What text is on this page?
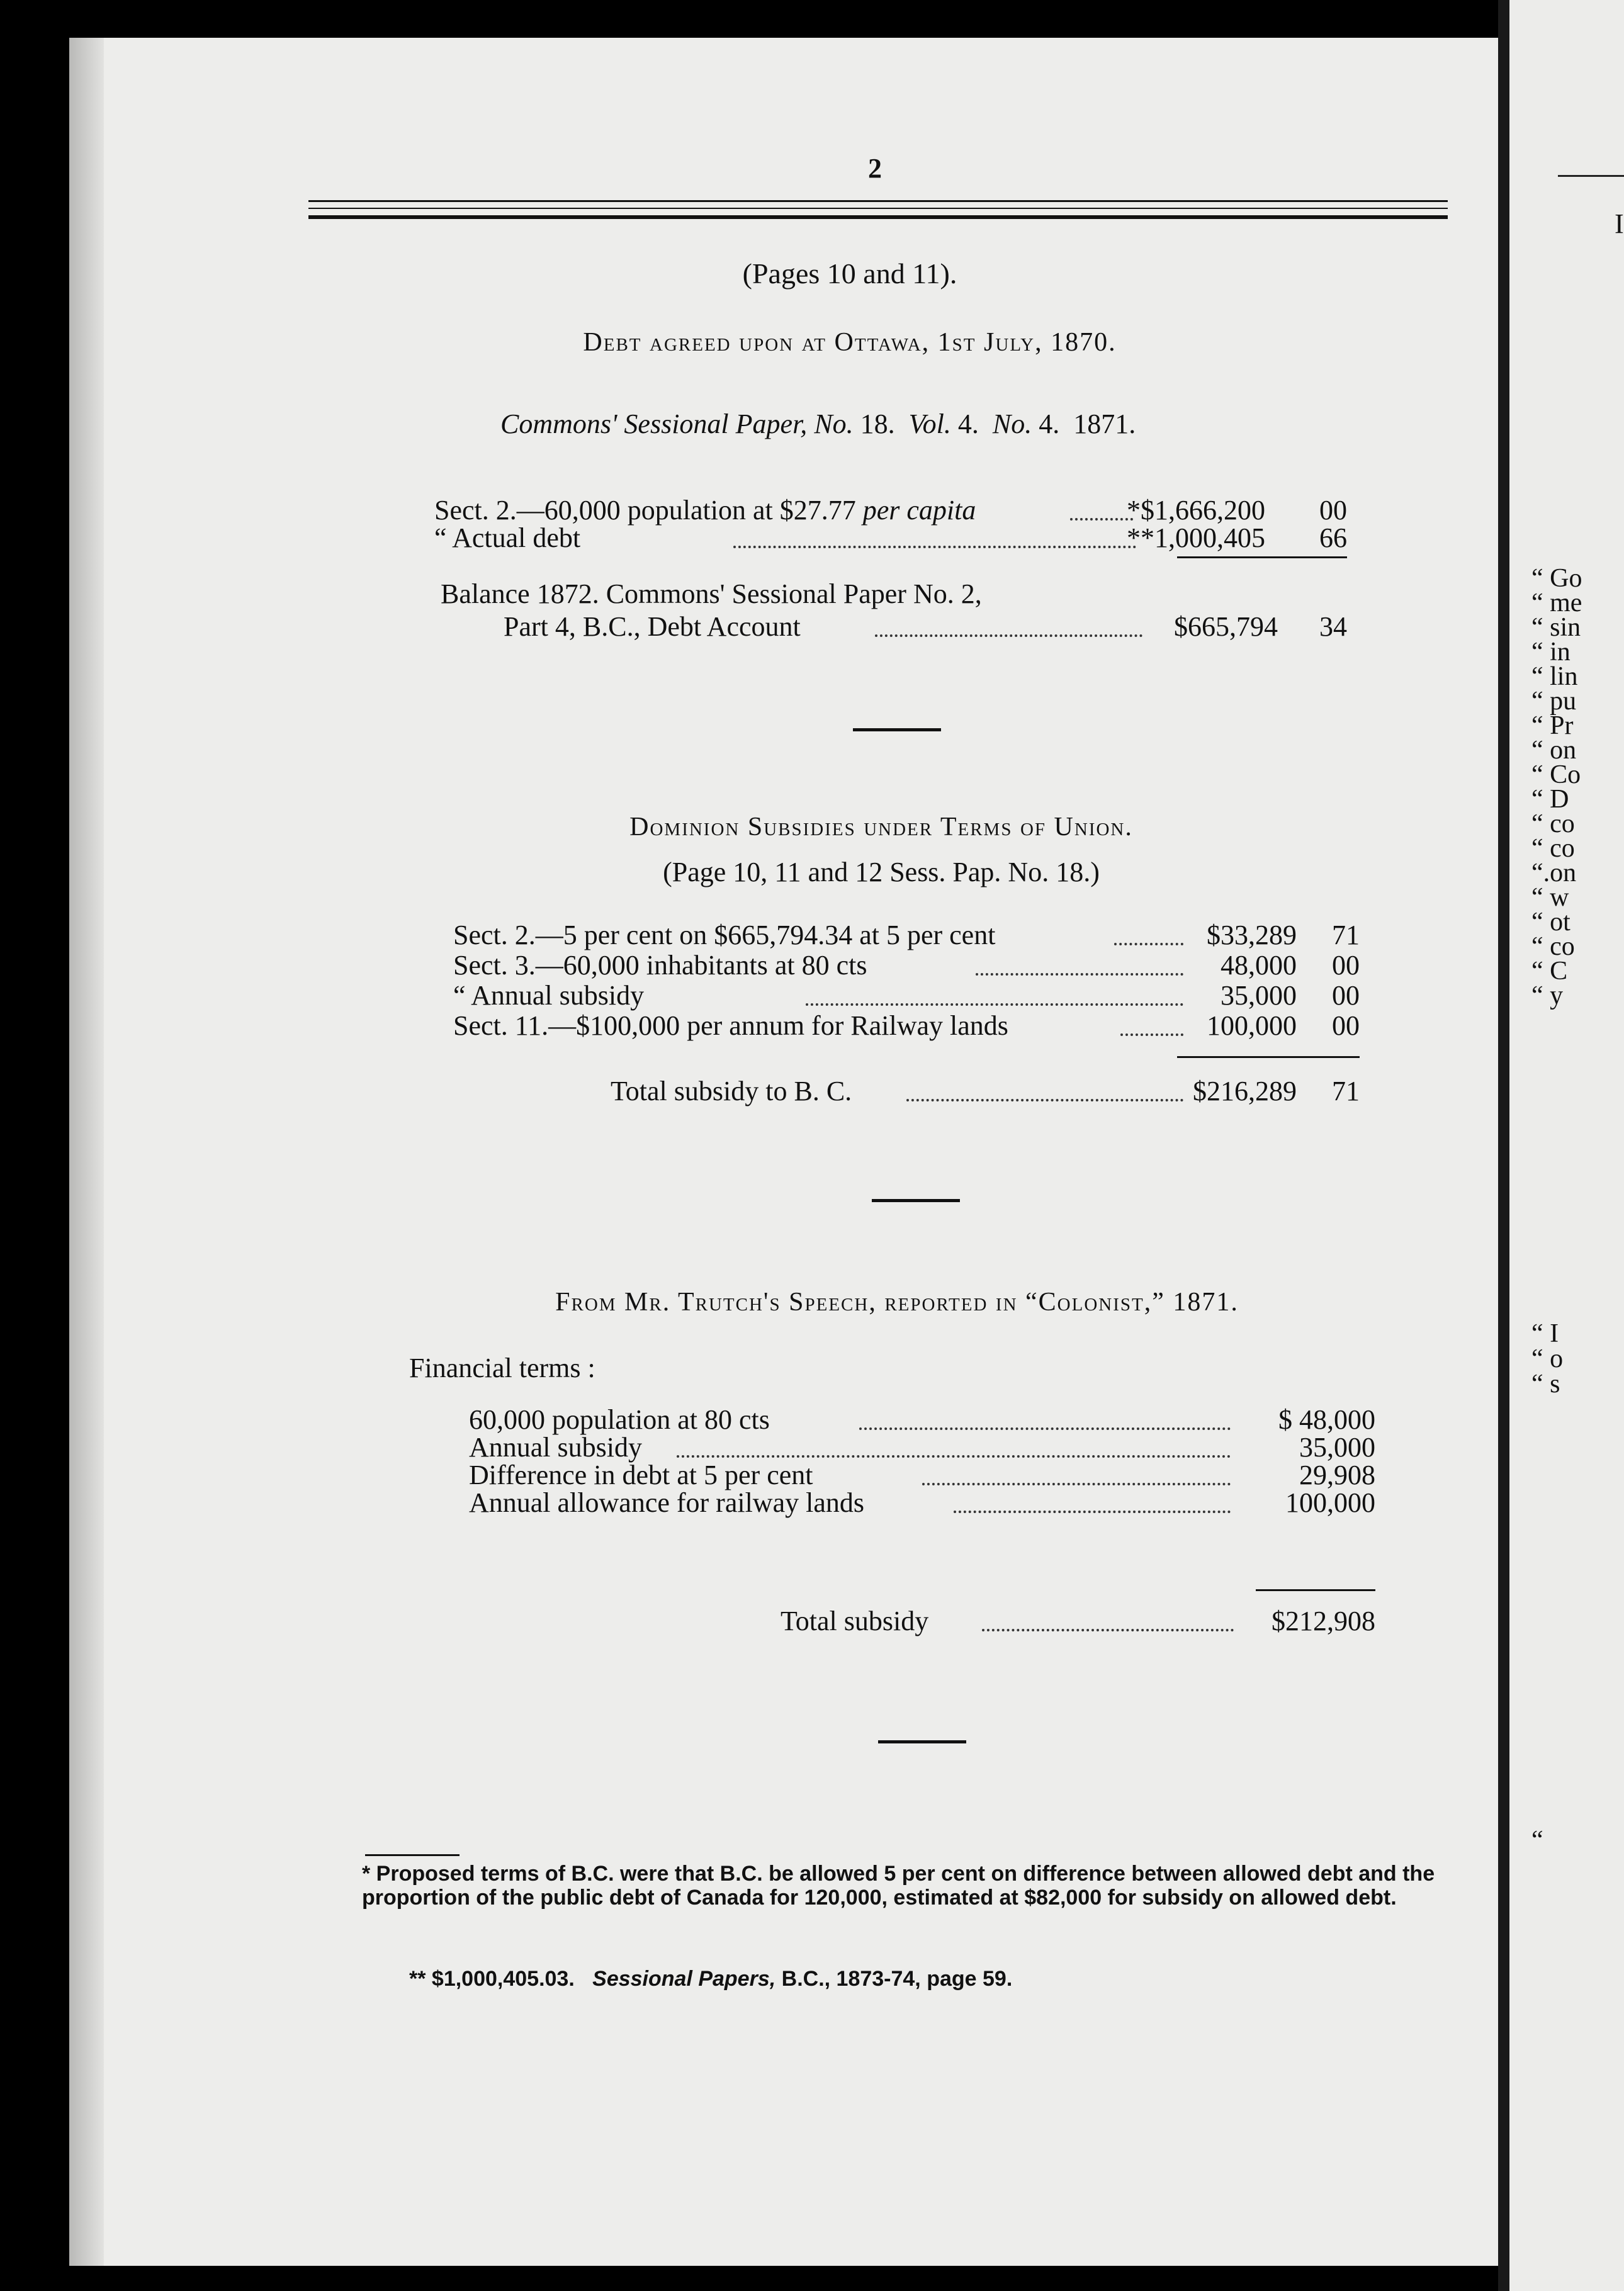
I
“ Go
“ me
“ sin
“ in
“ lin
“ pu
“ Pr
“ on
“ Co
“ D
“ co
“ co
“.on
“ w
“ ot
“ co
“ C
“ y
“ I
“ o
“ s
“
2
(Pages 10 and 11).
Debt agreed upon at Ottawa, 1st July, 1870.
Commons' Sessional Paper, No. 18. Vol. 4. No. 4. 1871.
Sect. 2.—60,000 population at $27.77 per capita	*$1,666,200 00
“ Actual debt	**1,000,405 66
Balance 1872. Commons' Sessional Paper No. 2,
Part 4, B.C., Debt Account	$665,794 34
Dominion Subsidies under Terms of Union.
(Page 10, 11 and 12 Sess. Pap. No. 18.)
Sect. 2.—5 per cent on $665,794.34 at 5 per cent	$33,289 71
Sect. 3.—60,000 inhabitants at 80 cts	48,000 00
“ Annual subsidy	35,000 00
Sect. 11.—$100,000 per annum for Railway lands	100,000 00
Total subsidy to B. C.	$216,289 71
From Mr. Trutch's Speech, reported in “Colonist,” 1871.
Financial terms :
60,000 population at 80 cts	$ 48,000
Annual subsidy	35,000
Difference in debt at 5 per cent	29,908
Annual allowance for railway lands	100,000
Total subsidy	$212,908
* Proposed terms of B.C. were that B.C. be allowed 5 per cent on difference between allowed debt and the proportion of the public debt of Canada for 120,000, estimated at $82,000 for subsidy on allowed debt.
** $1,000,405.03. Sessional Papers, B.C., 1873-74, page 59.
